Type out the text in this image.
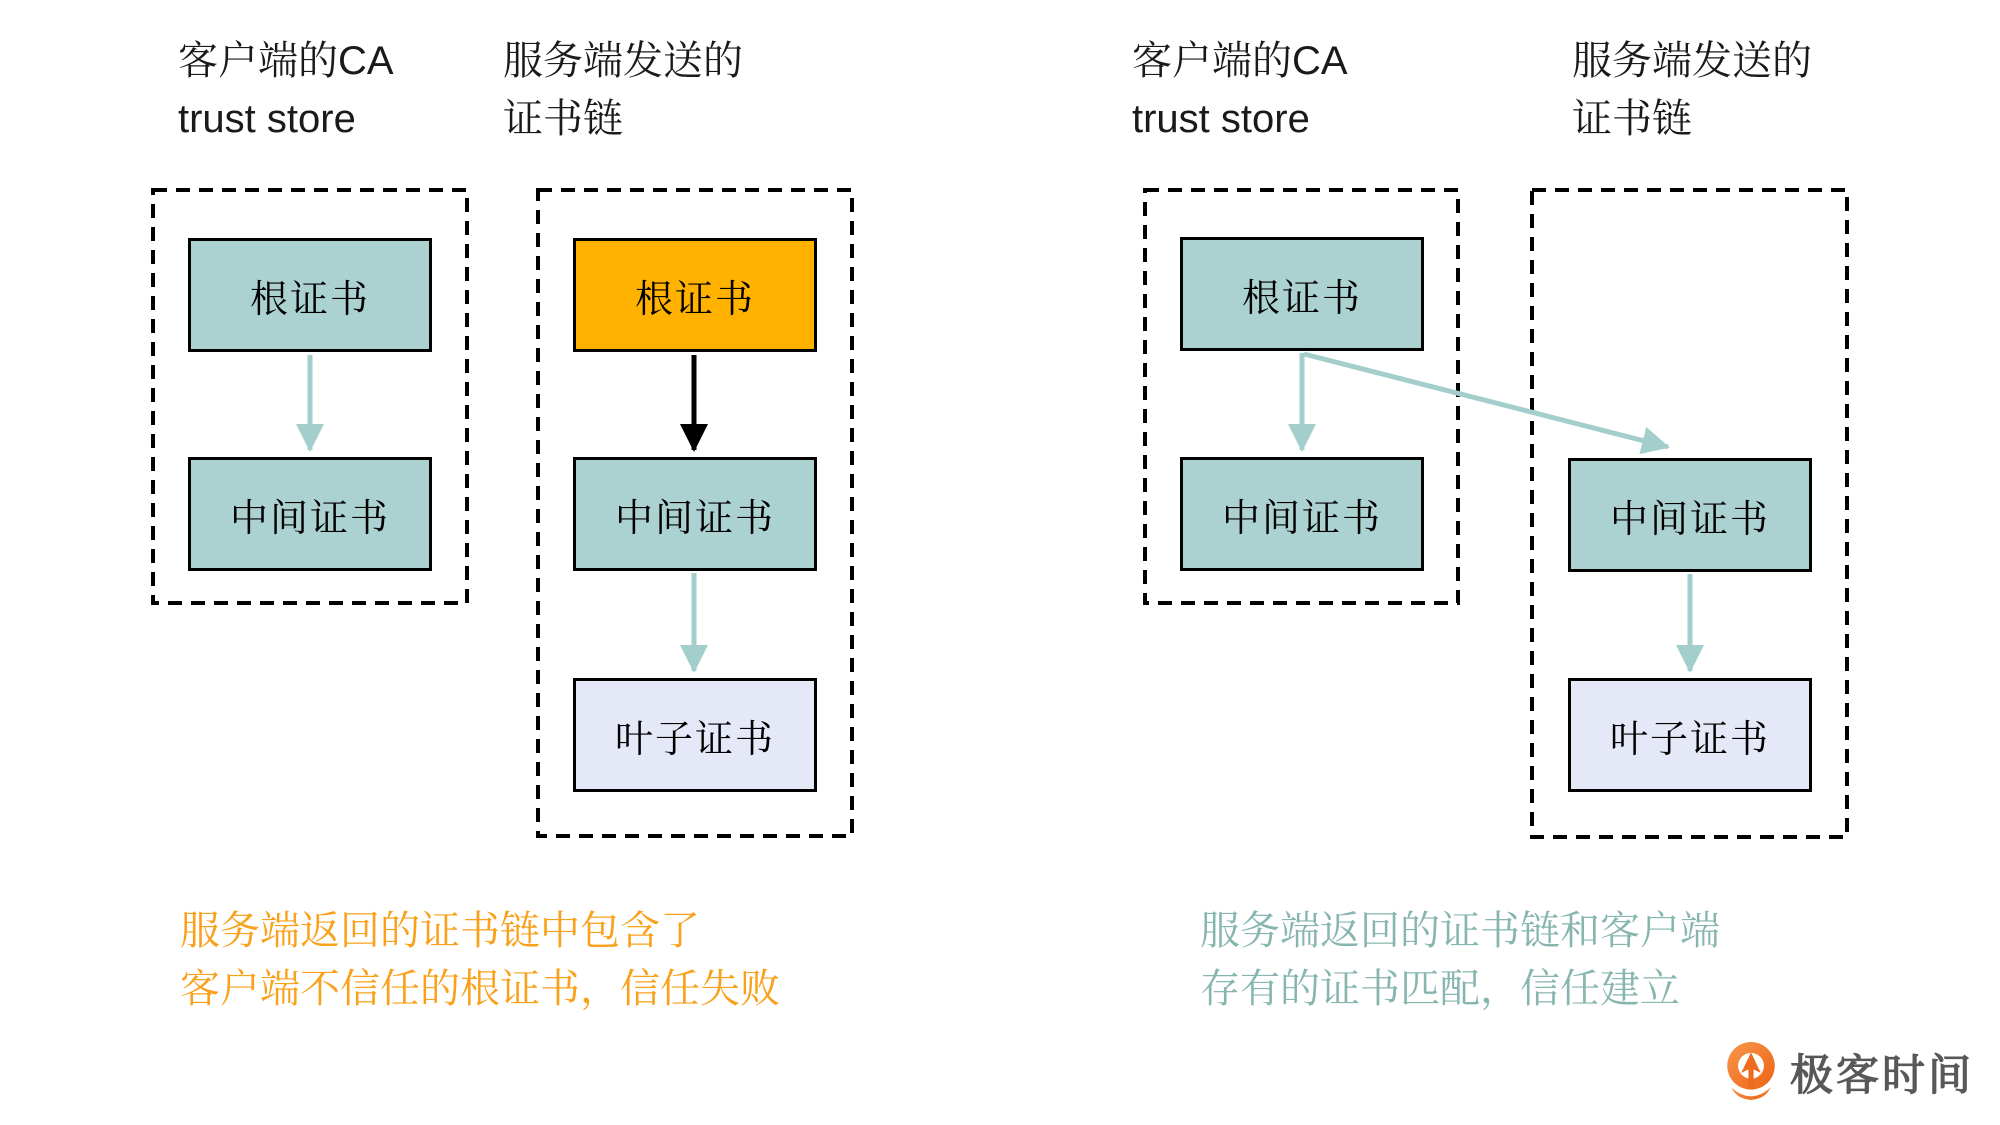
客户端的CA
trust store
服务端发送的
证书链
客户端的CA
trust store
服务端发送的
证书链
根证书
中间证书
根证书
中间证书
叶子证书
根证书
中间证书	中间证书
叶子证书
服务端返回的证书链中包含了
客户端不信任的根证书，信任失败
服务端返回的证书链和客户端
存有的证书匹配，信任建立
极客时间
